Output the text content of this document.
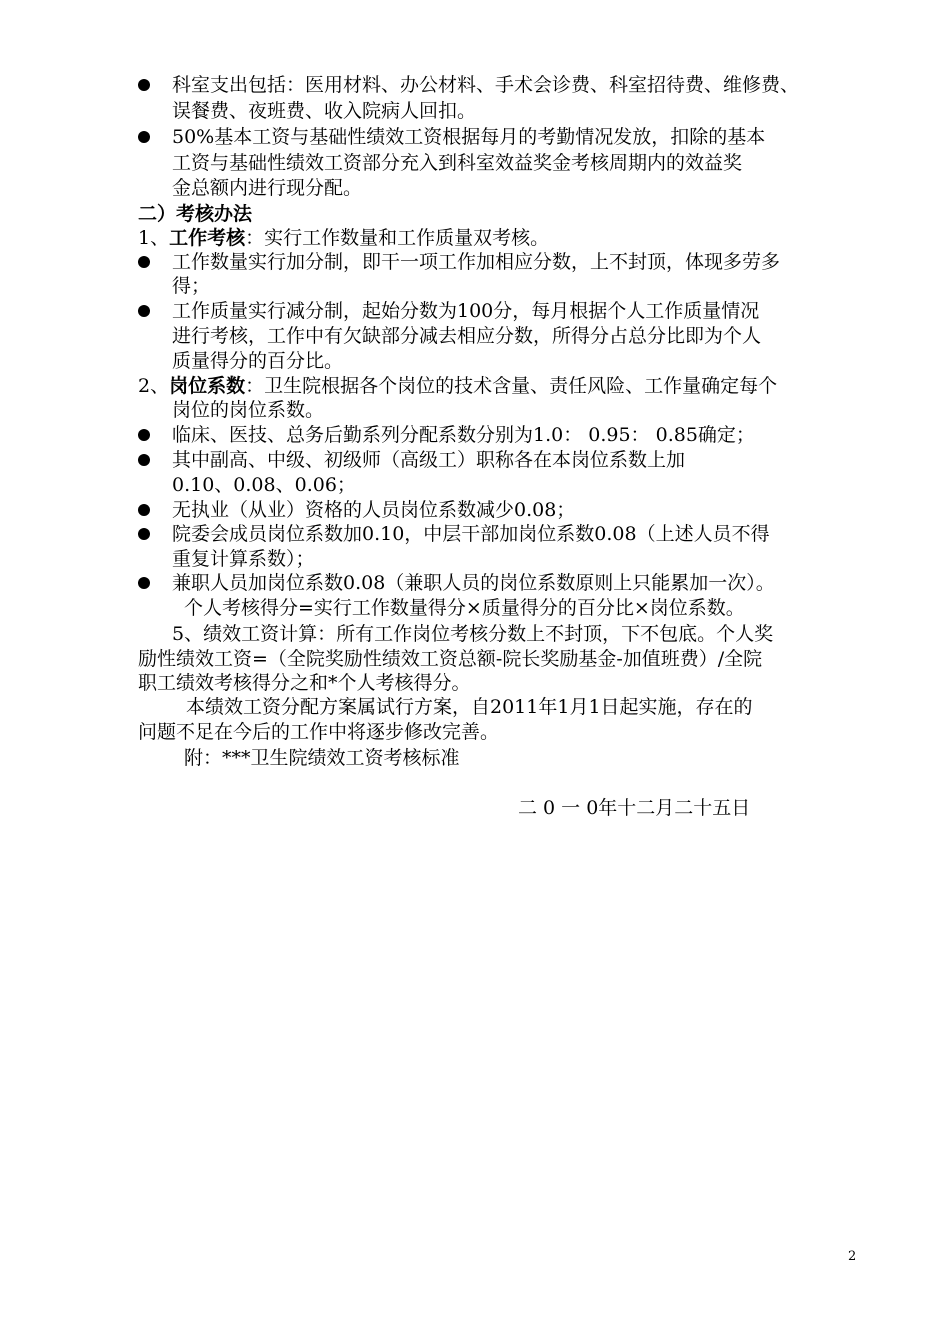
科室支出包括：医用材料、办公材料、手术会诊费、科室招待费、维修费、
误餐费、夜班费、收入院病人回扣。
50%基本工资与基础性绩效工资根据每月的考勤情况发放，扣除的基本
工资与基础性绩效工资部分充入到科室效益奖金考核周期内的效益奖
金总额内进行现分配。
二）考核办法
1、工作考核：实行工作数量和工作质量双考核。
工作数量实行加分制，即干一项工作加相应分数，上不封顶，体现多劳多
得；
工作质量实行减分制，起始分数为100分，每月根据个人工作质量情况
进行考核，工作中有欠缺部分减去相应分数，所得分占总分比即为个人
质量得分的百分比。
2、岗位系数：卫生院根据各个岗位的技术含量、责任风险、工作量确定每个
岗位的岗位系数。
临床、医技、总务后勤系列分配系数分别为1.0： 0.95： 0.85确定；
其中副高、中级、初级师（高级工）职称各在本岗位系数上加
0.10、0.08、0.06；
无执业（从业）资格的人员岗位系数减少0.08；
院委会成员岗位系数加0.10，中层干部加岗位系数0.08（上述人员不得
重复计算系数）；
兼职人员加岗位系数0.08（兼职人员的岗位系数原则上只能累加一次）。
个人考核得分=实行工作数量得分×质量得分的百分比×岗位系数。
5、绩效工资计算：所有工作岗位考核分数上不封顶，下不包底。个人奖
励性绩效工资=（全院奖励性绩效工资总额-院长奖励基金-加值班费）/全院
职工绩效考核得分之和*个人考核得分。
本绩效工资分配方案属试行方案，自2011年1月1日起实施，存在的
问题不足在今后的工作中将逐步修改完善。
附：***卫生院绩效工资考核标准
二 0 一 0年十二月二十五日
2
